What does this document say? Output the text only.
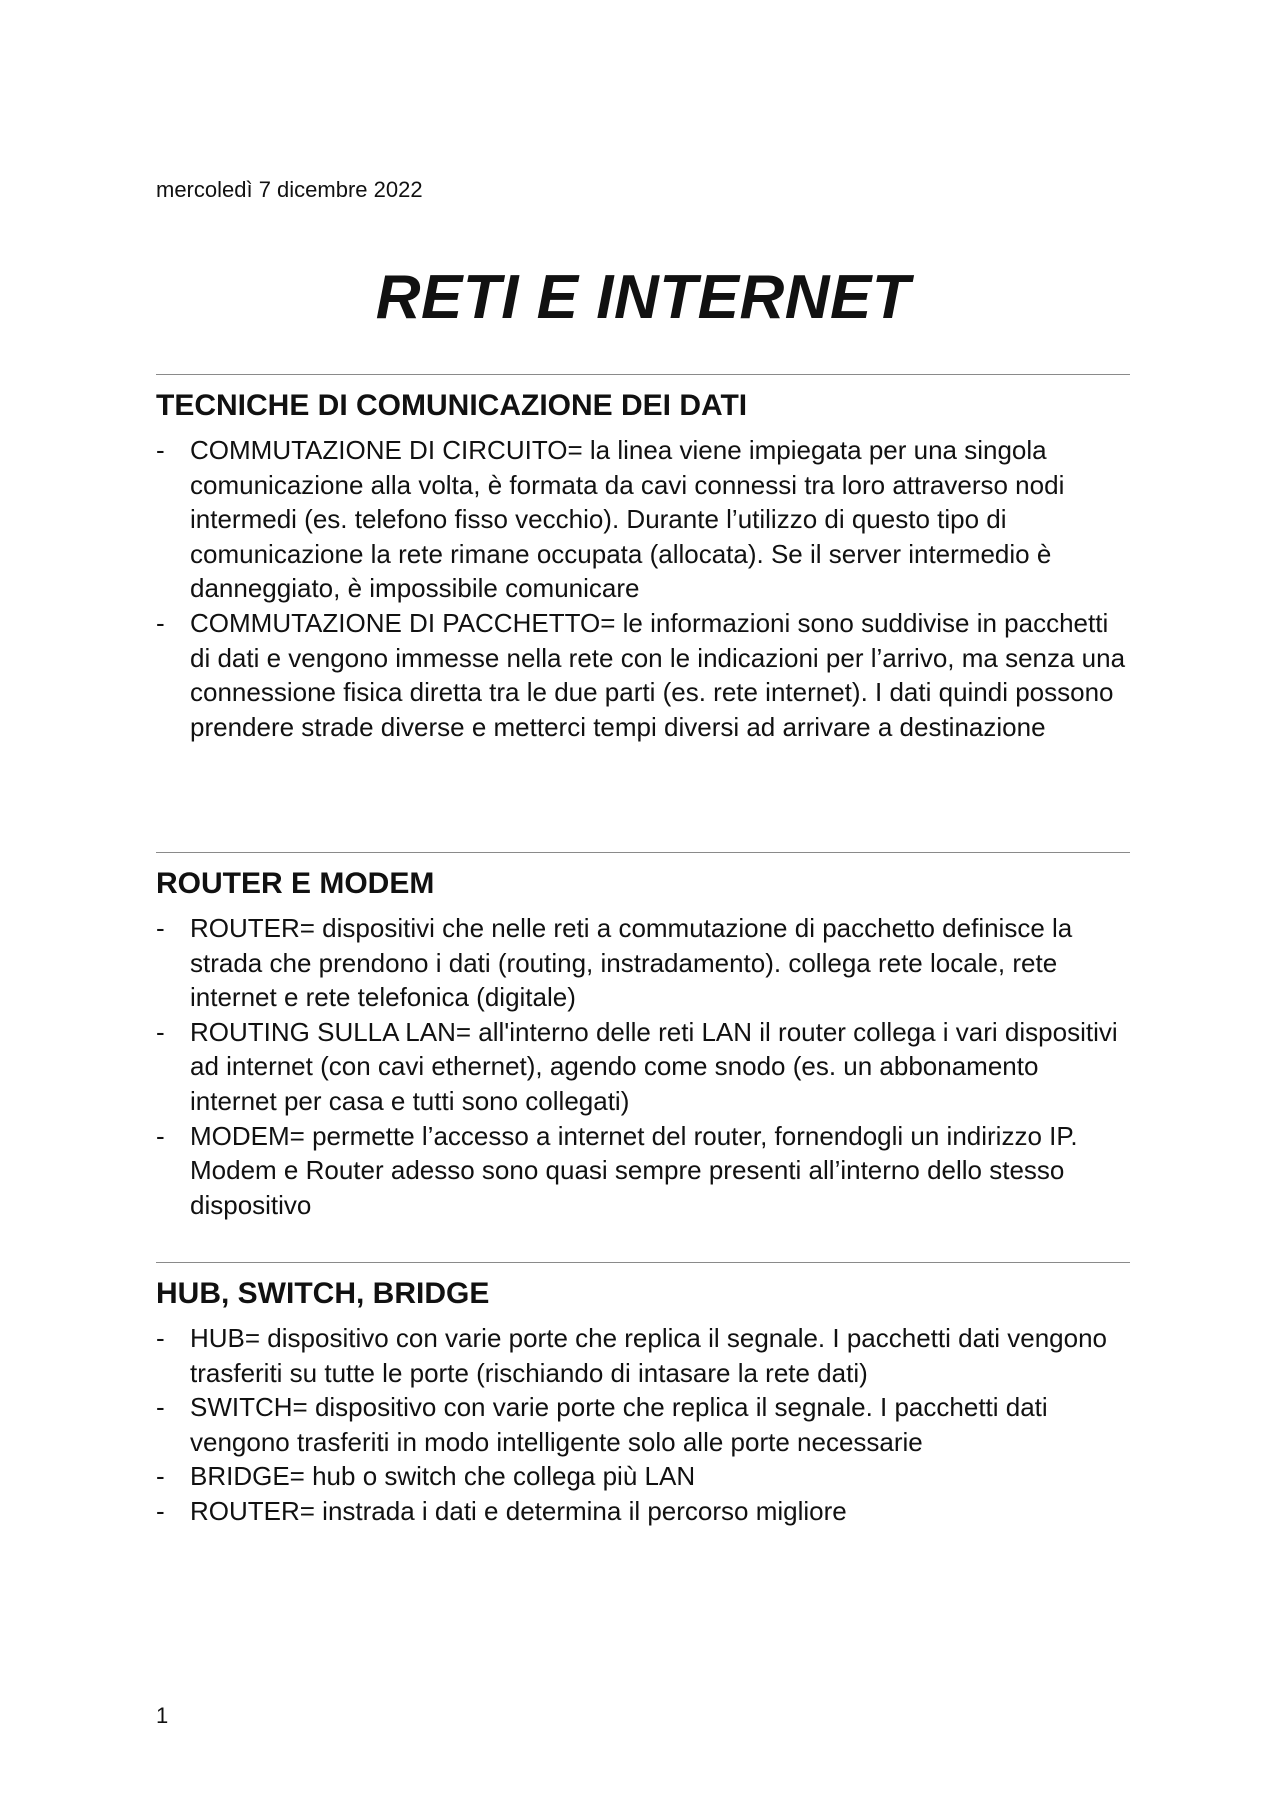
mercoledì 7 dicembre 2022
RETI E INTERNET
TECNICHE DI COMUNICAZIONE DEI DATI
- COMMUTAZIONE DI CIRCUITO= la linea viene impiegata per una singola comunicazione alla volta, è formata da cavi connessi tra loro attraverso nodi intermedi (es. telefono fisso vecchio). Durante l’utilizzo di questo tipo di comunicazione la rete rimane occupata (allocata). Se il server intermedio è danneggiato, è impossibile comunicare
- COMMUTAZIONE DI PACCHETTO= le informazioni sono suddivise in pacchetti di dati e vengono immesse nella rete con le indicazioni per l’arrivo, ma senza una connessione fisica diretta tra le due parti (es. rete internet). I dati quindi possono prendere strade diverse e metterci tempi diversi ad arrivare a destinazione
ROUTER E MODEM
- ROUTER= dispositivi che nelle reti a commutazione di pacchetto definisce la strada che prendono i dati (routing, instradamento). collega rete locale, rete internet e rete telefonica (digitale)
- ROUTING SULLA LAN= all'interno delle reti LAN il router collega i vari dispositivi ad internet (con cavi ethernet), agendo come snodo (es. un abbonamento internet per casa e tutti sono collegati)
- MODEM= permette l’accesso a internet del router, fornendogli un indirizzo IP. Modem e Router adesso sono quasi sempre presenti all’interno dello stesso dispositivo
HUB, SWITCH, BRIDGE
- HUB= dispositivo con varie porte che replica il segnale. I pacchetti dati vengono trasferiti su tutte le porte (rischiando di intasare la rete dati)
- SWITCH= dispositivo con varie porte che replica il segnale. I pacchetti dati vengono trasferiti in modo intelligente solo alle porte necessarie
- BRIDGE= hub o switch che collega più LAN
- ROUTER= instrada i dati e determina il percorso migliore
1
